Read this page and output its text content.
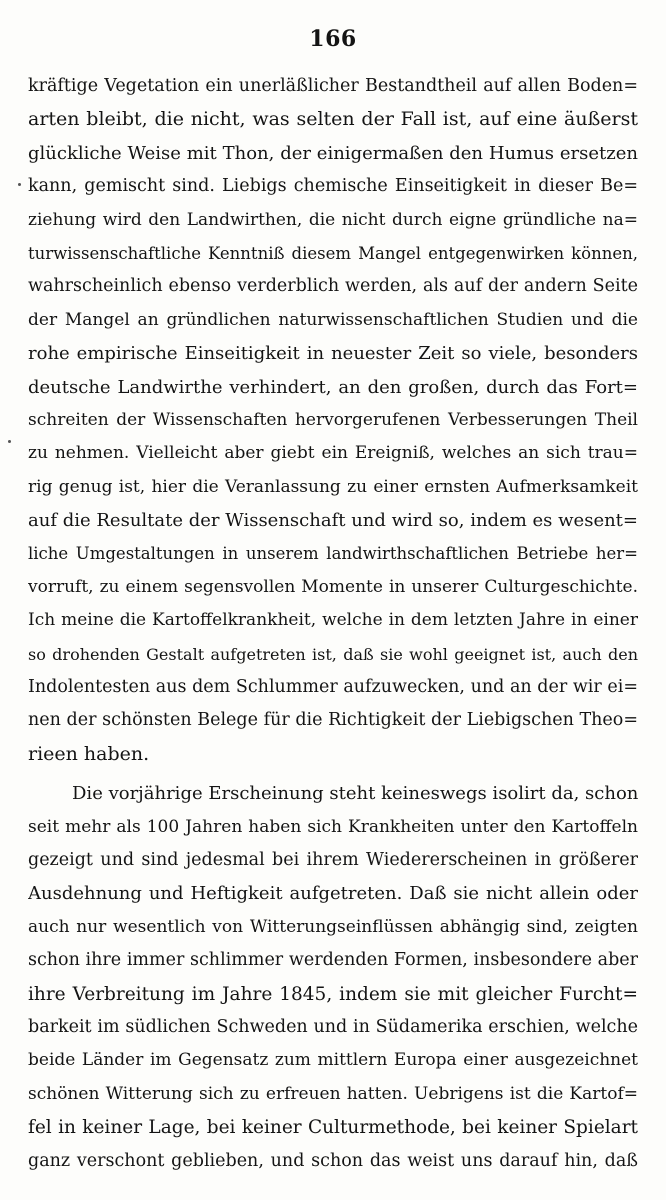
166
kräftige Vegetation ein unerläßlicher Bestandtheil auf allen Boden=
arten bleibt, die nicht, was selten der Fall ist, auf eine äußerst
glückliche Weise mit Thon, der einigermaßen den Humus ersetzen
kann, gemischt sind. Liebigs chemische Einseitigkeit in dieser Be=
ziehung wird den Landwirthen, die nicht durch eigne gründliche na=
turwissenschaftliche Kenntniß diesem Mangel entgegenwirken können,
wahrscheinlich ebenso verderblich werden, als auf der andern Seite
der Mangel an gründlichen naturwissenschaftlichen Studien und die
rohe empirische Einseitigkeit in neuester Zeit so viele, besonders
deutsche Landwirthe verhindert, an den großen, durch das Fort=
schreiten der Wissenschaften hervorgerufenen Verbesserungen Theil
zu nehmen. Vielleicht aber giebt ein Ereigniß, welches an sich trau=
rig genug ist, hier die Veranlassung zu einer ernsten Aufmerksamkeit
auf die Resultate der Wissenschaft und wird so, indem es wesent=
liche Umgestaltungen in unserem landwirthschaftlichen Betriebe her=
vorruft, zu einem segensvollen Momente in unserer Culturgeschichte.
Ich meine die Kartoffelkrankheit, welche in dem letzten Jahre in einer
so drohenden Gestalt aufgetreten ist, daß sie wohl geeignet ist, auch den
Indolentesten aus dem Schlummer aufzuwecken, und an der wir ei=
nen der schönsten Belege für die Richtigkeit der Liebigschen Theo=
rieen haben.
Die vorjährige Erscheinung steht keineswegs isolirt da, schon
seit mehr als 100 Jahren haben sich Krankheiten unter den Kartoffeln
gezeigt und sind jedesmal bei ihrem Wiedererscheinen in größerer
Ausdehnung und Heftigkeit aufgetreten. Daß sie nicht allein oder
auch nur wesentlich von Witterungseinflüssen abhängig sind, zeigten
schon ihre immer schlimmer werdenden Formen, insbesondere aber
ihre Verbreitung im Jahre 1845, indem sie mit gleicher Furcht=
barkeit im südlichen Schweden und in Südamerika erschien, welche
beide Länder im Gegensatz zum mittlern Europa einer ausgezeichnet
schönen Witterung sich zu erfreuen hatten. Uebrigens ist die Kartof=
fel in keiner Lage, bei keiner Culturmethode, bei keiner Spielart
ganz verschont geblieben, und schon das weist uns darauf hin, daß
